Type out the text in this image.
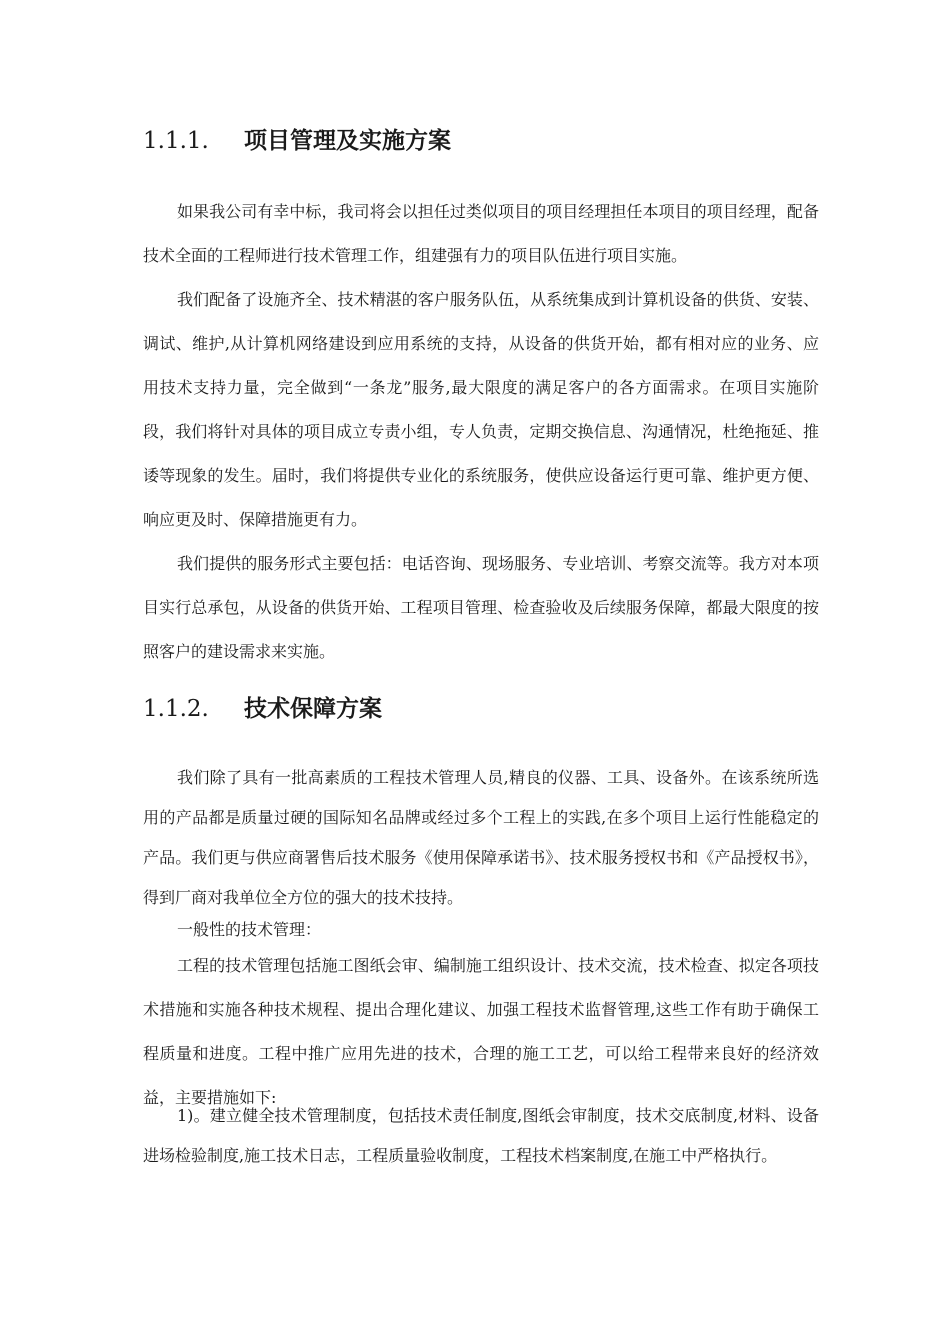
1.1.1. 项目管理及实施方案

如果我公司有幸中标，我司将会以担任过类似项目的项目经理担任本项目的项目经理，配备技术全面的工程师进行技术管理工作，组建强有力的项目队伍进行项目实施。

我们配备了设施齐全、技术精湛的客户服务队伍，从系统集成到计算机设备的供货、安装、调试、维护,从计算机网络建设到应用系统的支持，从设备的供货开始，都有相对应的业务、应用技术支持力量，完全做到“一条龙”服务,最大限度的满足客户的各方面需求。在项目实施阶段，我们将针对具体的项目成立专责小组，专人负责，定期交换信息、沟通情况，杜绝拖延、推诿等现象的发生。届时，我们将提供专业化的系统服务，使供应设备运行更可靠、维护更方便、响应更及时、保障措施更有力。

我们提供的服务形式主要包括：电话咨询、现场服务、专业培训、考察交流等。我方对本项目实行总承包，从设备的供货开始、工程项目管理、检查验收及后续服务保障，都最大限度的按照客户的建设需求来实施。

1.1.2. 技术保障方案

我们除了具有一批高素质的工程技术管理人员,精良的仪器、工具、设备外。在该系统所选用的产品都是质量过硬的国际知名品牌或经过多个工程上的实践,在多个项目上运行性能稳定的产品。我们更与供应商署售后技术服务《使用保障承诺书》、技术服务授权书和《产品授权书》，得到厂商对我单位全方位的强大的技术技持。

一般性的技术管理：

工程的技术管理包括施工图纸会审、编制施工组织设计、技术交流，技术检查、拟定各项技术措施和实施各种技术规程、提出合理化建议、加强工程技术监督管理,这些工作有助于确保工程质量和进度。工程中推广应用先进的技术，合理的施工工艺，可以给工程带来良好的经济效益，主要措施如下:

1)。建立健全技术管理制度，包括技术责任制度,图纸会审制度，技术交底制度,材料、设备进场检验制度,施工技术日志，工程质量验收制度，工程技术档案制度,在施工中严格执行。
